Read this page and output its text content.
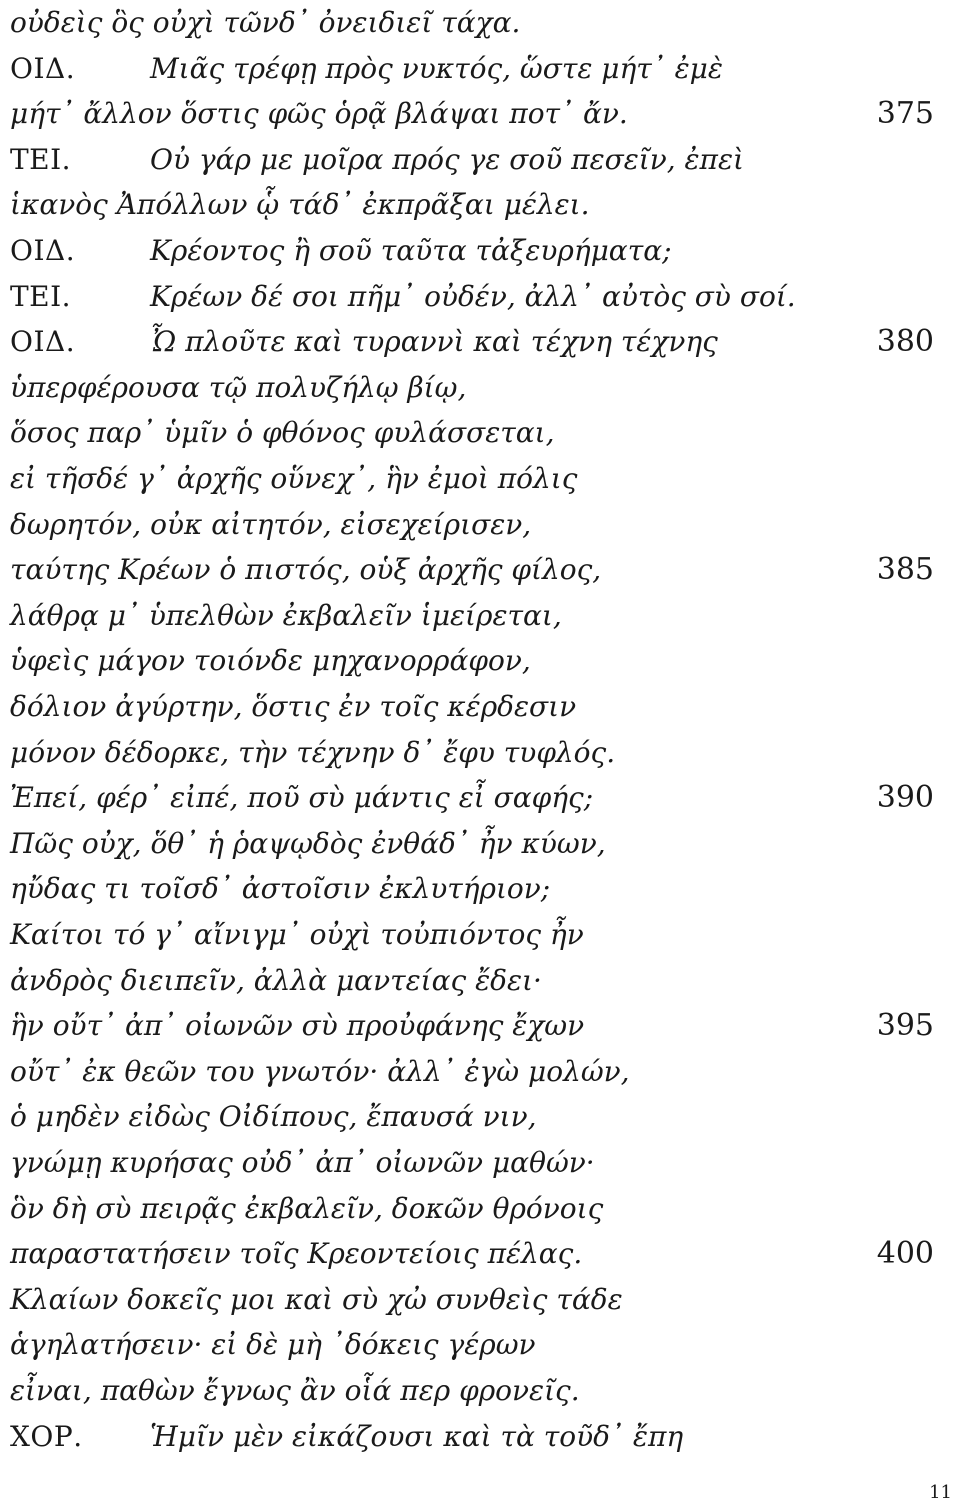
οὐδεὶς ὃς οὐχὶ τῶνδ᾽ ὀνειδιεῖ τάχα.
ΟΙΔ.	Μιᾶς τρέφῃ πρὸς νυκτός, ὥστε μήτ᾽ ἐμὲ
μήτ᾽ ἄλλον ὅστις φῶς ὁρᾷ βλάψαι ποτ᾽ ἄν.	375
ΤΕΙ.	Οὐ γάρ με μοῖρα πρός γε σοῦ πεσεῖν, ἐπεὶ
ἱκανὸς Ἀπόλλων ᾧ τάδ᾽ ἐκπρᾶξαι μέλει.
ΟΙΔ.	Κρέοντος ἢ σοῦ ταῦτα τἀξευρήματα;
ΤΕΙ.	Κρέων δέ σοι πῆμ᾽ οὐδέν, ἀλλ᾽ αὐτὸς σὺ σοί.
ΟΙΔ.	Ὦ πλοῦτε καὶ τυραννὶ καὶ τέχνη τέχνης	380
ὑπερφέρουσα τῷ πολυζήλῳ βίῳ,
ὅσος παρ᾽ ὑμῖν ὁ φθόνος φυλάσσεται,
εἰ τῆσδέ γ᾽ ἀρχῆς οὕνεχ᾽, ἣν ἐμοὶ πόλις
δωρητόν, οὐκ αἰτητόν, εἰσεχείρισεν,
ταύτης Κρέων ὁ πιστός, οὑξ ἀρχῆς φίλος,	385
λάθρᾳ μ᾽ ὑπελθὼν ἐκβαλεῖν ἱμείρεται,
ὑφεὶς μάγον τοιόνδε μηχανορράφον,
δόλιον ἀγύρτην, ὅστις ἐν τοῖς κέρδεσιν
μόνον δέδορκε, τὴν τέχνην δ᾽ ἔφυ τυφλός.
Ἐπεί, φέρ᾽ εἰπέ, ποῦ σὺ μάντις εἶ σαφής;	390
Πῶς οὐχ, ὅθ᾽ ἡ ῥαψῳδὸς ἐνθάδ᾽ ἦν κύων,
ηὔδας τι τοῖσδ᾽ ἀστοῖσιν ἐκλυτήριον;
Καίτοι τό γ᾽ αἴνιγμ᾽ οὐχὶ τοὐπιόντος ἦν
ἀνδρὸς διειπεῖν, ἀλλὰ μαντείας ἔδει·
ἣν οὔτ᾽ ἀπ᾽ οἰωνῶν σὺ προὐφάνης ἔχων	395
οὔτ᾽ ἐκ θεῶν του γνωτόν· ἀλλ᾽ ἐγὼ μολών,
ὁ μηδὲν εἰδὼς Οἰδίπους, ἔπαυσά νιν,
γνώμῃ κυρήσας οὐδ᾽ ἀπ᾽ οἰωνῶν μαθών·
ὃν δὴ σὺ πειρᾷς ἐκβαλεῖν, δοκῶν θρόνοις
παραστατήσειν τοῖς Κρεοντείοις πέλας.	400
Κλαίων δοκεῖς μοι καὶ σὺ χὠ συνθεὶς τάδε
ἁγηλατήσειν· εἰ δὲ μὴ ᾽δόκεις γέρων
εἶναι, παθὼν ἔγνως ἂν οἷά περ φρονεῖς.
ΧΟΡ. Ἡμῖν μὲν εἰκάζουσι καὶ τὰ τοῦδ᾽ ἔπη
11
